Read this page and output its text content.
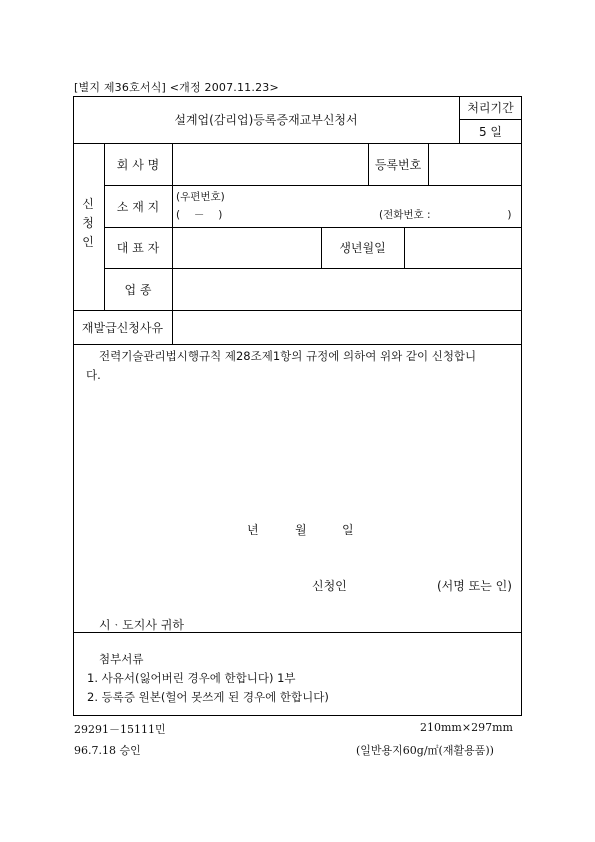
[별지 제36호서식] <개정 2007.11.23>
설계업(감리업)등록증재교부신청서
처리기간
5 일
신
청
인
회 사 명	등록번호
소 재 지
(우편번호)
(　 －　 )	(전화번호 :　　　　　　　 )
대 표 자	생년월일
업 종
재발급신청사유
전력기술관리법시행규칙 제28조제1항의 규정에 의하여 위와 같이 신청합니
다.
년	월	일
신청인	(서명 또는 인)
시ᆞ도지사 귀하
첨부서류
1. 사유서(잃어버린 경우에 한합니다) 1부
2. 등록증 원본(헐어 못쓰게 된 경우에 한합니다)
29291－15111민
96.7.18 승인
210mm×297mm
(일반용지60g/㎡(재활용품))
